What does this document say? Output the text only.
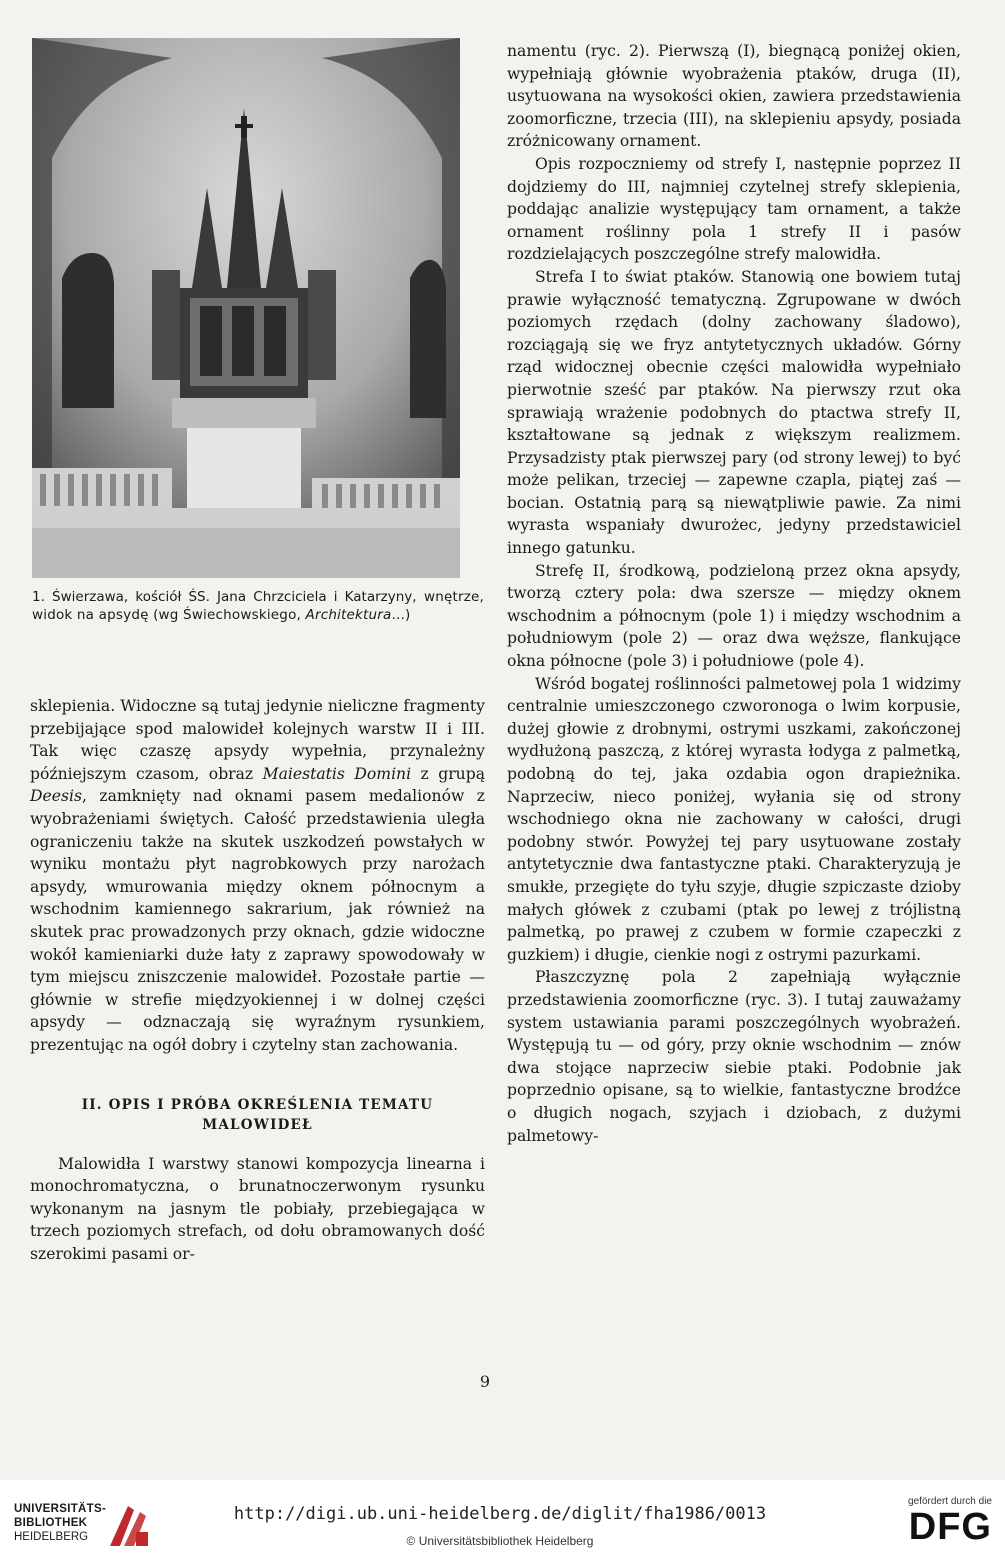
1. Świerzawa, kościół ŚS. Jana Chrzciciela i Katarzyny, wnętrze, widok na apsydę (wg Świechowskiego, Architektura...)

sklepienia. Widoczne są tutaj jedynie nieliczne fragmenty przebijające spod malowideł kolejnych warstw II i III. Tak więc czaszę apsydy wypełnia, przynależny późniejszym czasom, obraz Maiestatis Domini z grupą Deesis, zamknięty nad oknami pasem medalionów z wyobrażeniami świętych. Całość przedstawienia uległa ograniczeniu także na skutek uszkodzeń powstałych w wyniku montażu płyt nagrobkowych przy narożach apsydy, wmurowania między oknem północnym a wschodnim kamiennego sakrarium, jak również na skutek prac prowadzonych przy oknach, gdzie widoczne wokół kamieniarki duże łaty z zaprawy spowodowały w tym miejscu zniszczenie malowideł. Pozostałe partie — głównie w strefie międzyokiennej i w dolnej części apsydy — odznaczają się wyraźnym rysunkiem, prezentując na ogół dobry i czytelny stan zachowania.

II. OPIS I PRÓBA OKREŚLENIA TEMATU
MALOWIDEŁ

Malowidła I warstwy stanowi kompozycja linearna i monochromatyczna, o brunatnoczerwonym rysunku wykonanym na jasnym tle pobiały, przebiegająca w trzech poziomych strefach, od dołu obramowanych dość szerokimi pasami or-

namentu (ryc. 2). Pierwszą (I), biegnącą poniżej okien, wypełniają głównie wyobrażenia ptaków, druga (II), usytuowana na wysokości okien, zawiera przedstawienia zoomorficzne, trzecia (III), na sklepieniu apsydy, posiada zróżnicowany ornament.

Opis rozpoczniemy od strefy I, następnie poprzez II dojdziemy do III, najmniej czytelnej strefy sklepienia, poddając analizie występujący tam ornament, a także ornament roślinny pola 1 strefy II i pasów rozdzielających poszczególne strefy malowidła.

Strefa I to świat ptaków. Stanowią one bowiem tutaj prawie wyłączność tematyczną. Zgrupowane w dwóch poziomych rzędach (dolny zachowany śladowo), rozciągają się we fryz antytetycznych układów. Górny rząd widocznej obecnie części malowidła wypełniało pierwotnie sześć par ptaków. Na pierwszy rzut oka sprawiają wrażenie podobnych do ptactwa strefy II, kształtowane są jednak z większym realizmem. Przysadzisty ptak pierwszej pary (od strony lewej) to być może pelikan, trzeciej — zapewne czapla, piątej zaś — bocian. Ostatnią parą są niewątpliwie pawie. Za nimi wyrasta wspaniały dwurożec, jedyny przedstawiciel innego gatunku.

Strefę II, środkową, podzieloną przez okna apsydy, tworzą cztery pola: dwa szersze — między oknem wschodnim a północnym (pole 1) i między wschodnim a południowym (pole 2) — oraz dwa węższe, flankujące okna północne (pole 3) i południowe (pole 4).

Wśród bogatej roślinności palmetowej pola 1 widzimy centralnie umieszczonego czworonoga o lwim korpusie, dużej głowie z drobnymi, ostrymi uszkami, zakończonej wydłużoną paszczą, z której wyrasta łodyga z palmetką, podobną do tej, jaka ozdabia ogon drapieżnika. Naprzeciw, nieco poniżej, wyłania się od strony wschodniego okna nie zachowany w całości, drugi podobny stwór. Powyżej tej pary usytuowane zostały antytetycznie dwa fantastyczne ptaki. Charakteryzują je smukłe, przegięte do tyłu szyje, długie szpiczaste dzioby małych główek z czubami (ptak po lewej z trójlistną palmetką, po prawej z czubem w formie czapeczki z guzkiem) i długie, cienkie nogi z ostrymi pazurkami.

Płaszczyznę pola 2 zapełniają wyłącznie przedstawienia zoomorficzne (ryc. 3). I tutaj zauważamy system ustawiania parami poszczególnych wyobrażeń. Występują tu — od góry, przy oknie wschodnim — znów dwa stojące naprzeciw siebie ptaki. Podobnie jak poprzednio opisane, są to wielkie, fantastyczne brodźce o długich nogach, szyjach i dziobach, z dużymi palmetowy-

9
UNIVERSITÄTS-
BIBLIOTHEK
HEIDELBERG
http://digi.ub.uni-heidelberg.de/diglit/fha1986/0013
© Universitätsbibliothek Heidelberg
gefördert durch die
DFG
